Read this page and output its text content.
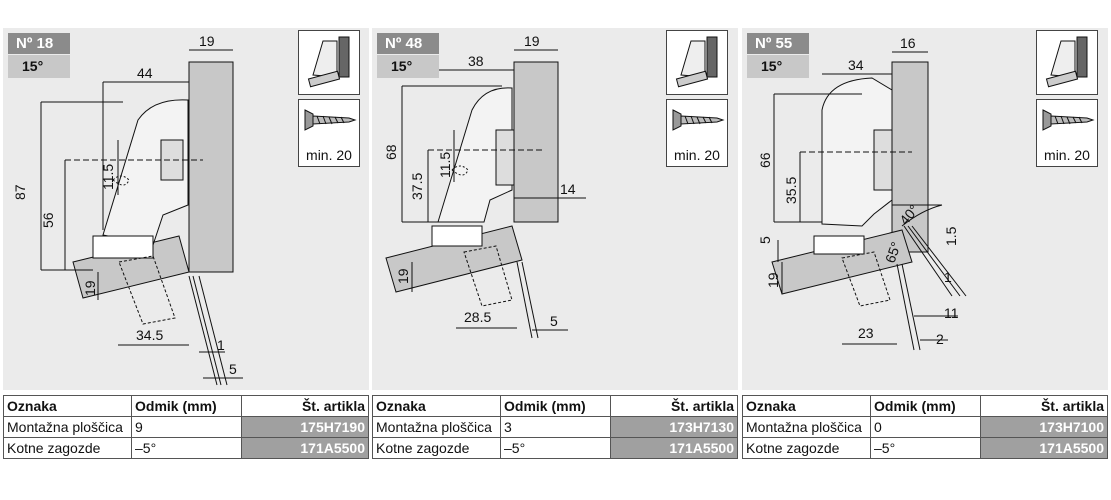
19
44
87
56
11.5
19
34.5
1
5
Nº 18
15°
min. 20
Oznaka	Odmik (mm)	Št. artikla
Montažna ploščica	9	175H7190
Kotne zagozde	–5°	171A5500
19
38
68
37.5
11.5
14
19
28.5	5
Nº 48
15°
min. 20
Oznaka	Odmik (mm)	Št. artikla
Montažna ploščica	3	173H7130
Kotne zagozde	–5°	171A5500
16
34
66
35.5
40°
1.5
65°
5
19	1
11
23	2
Nº 55
15°
min. 20
Oznaka	Odmik (mm)	Št. artikla
Montažna ploščica	0	173H7100
Kotne zagozde	–5°	171A5500
